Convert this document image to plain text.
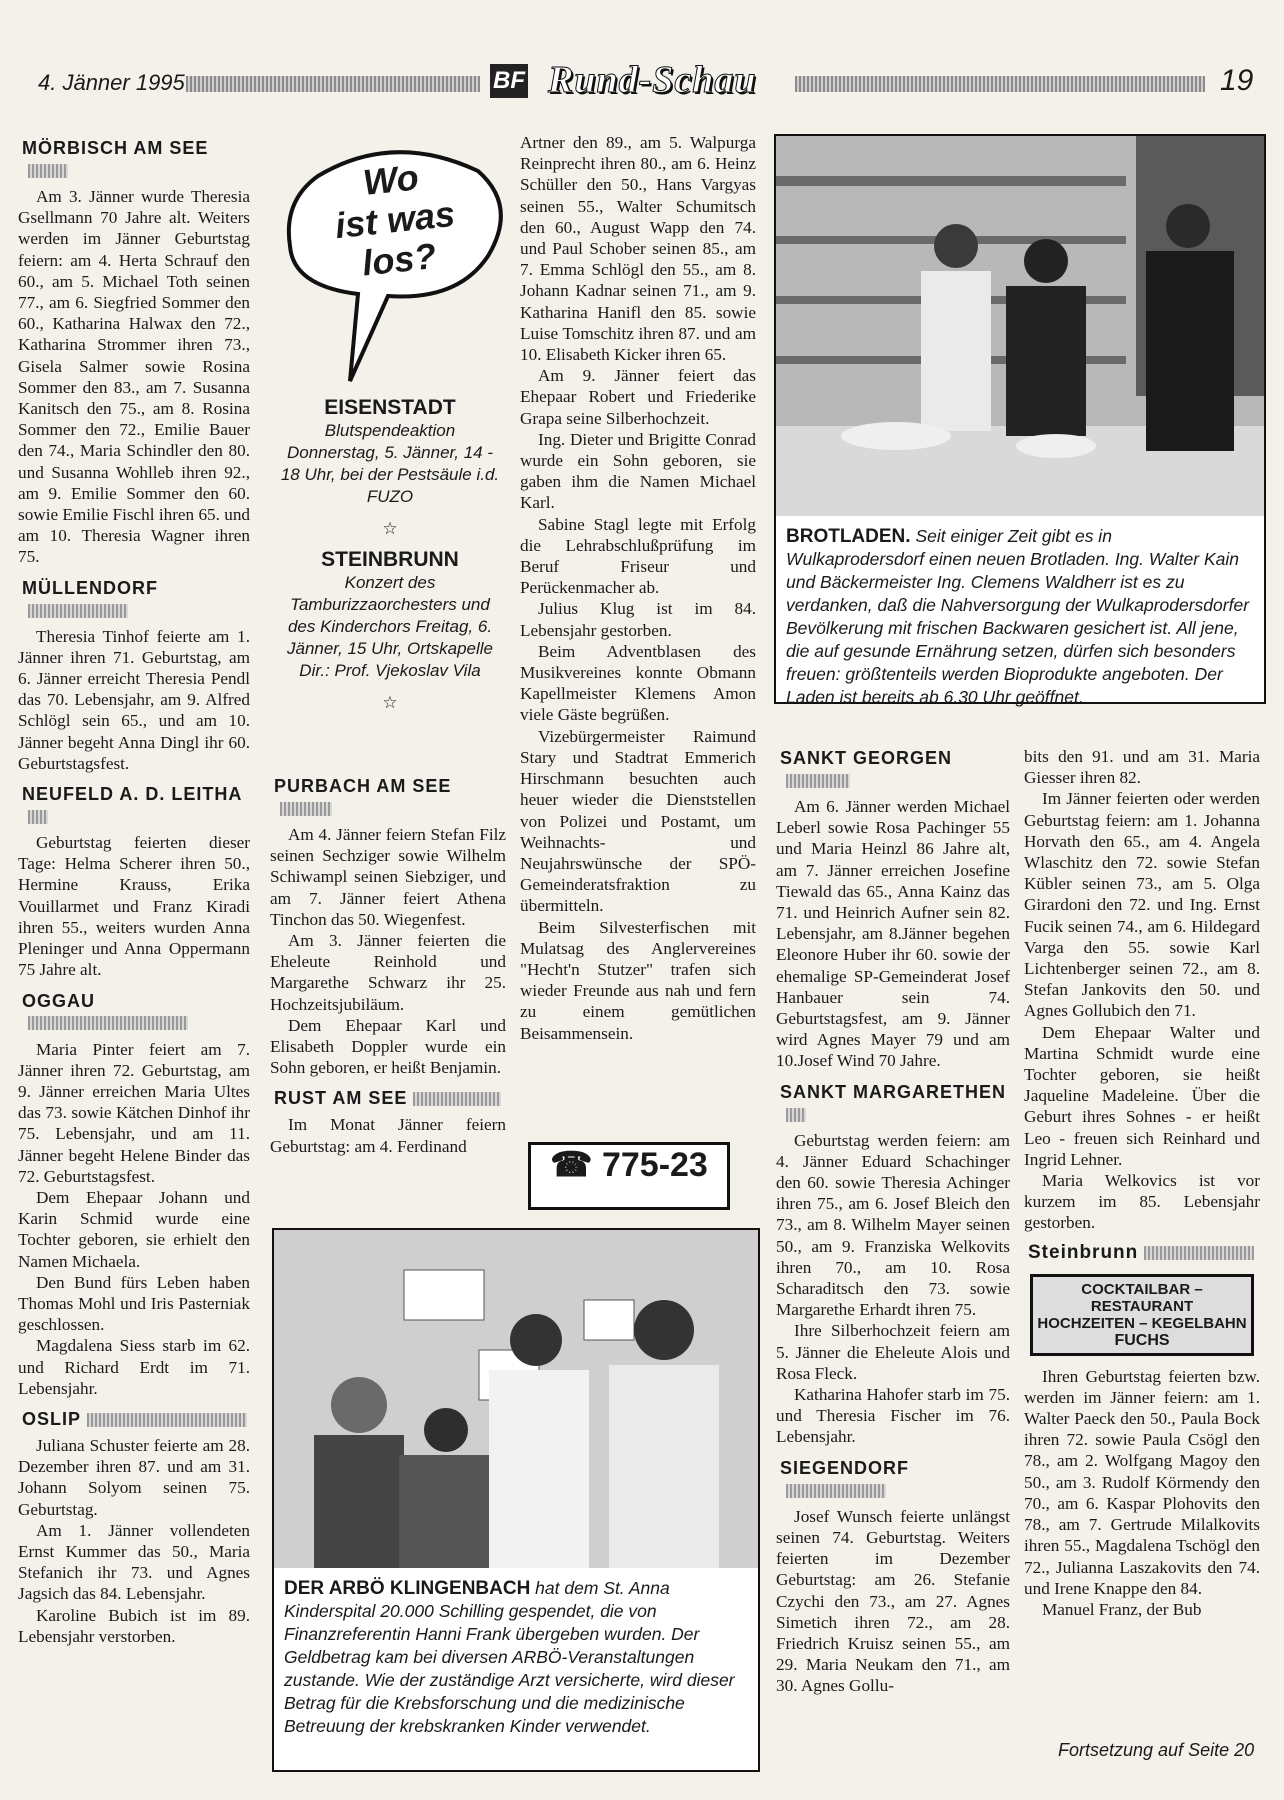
4. Jänner 1995	BF Rund-Schau	19
MÖRBISCH AM SEE

Am 3. Jänner wurde Theresia Gsellmann 70 Jahre alt. Weiters werden im Jänner Geburtstag feiern: am 4. Herta Schrauf den 60., am 5. Michael Toth seinen 77., am 6. Siegfried Sommer den 60., Katharina Halwax den 72., Katharina Strommer ihren 73., Gisela Salmer sowie Rosina Sommer den 83., am 7. Susanna Kanitsch den 75., am 8. Rosina Sommer den 72., Emilie Bauer den 74., Maria Schindler den 80. und Susanna Wohlleb ihren 92., am 9. Emilie Sommer den 60. sowie Emilie Fischl ihren 65. und am 10. Theresia Wagner ihren 75.

MÜLLENDORF

Theresia Tinhof feierte am 1. Jänner ihren 71. Geburtstag, am 6. Jänner erreicht Theresia Pendl das 70. Lebensjahr, am 9. Alfred Schlögl sein 65., und am 10. Jänner begeht Anna Dingl ihr 60. Geburtstagsfest.

NEUFELD A. D. LEITHA

Geburtstag feierten dieser Tage: Helma Scherer ihren 50., Hermine Krauss, Erika Vouillarmet und Franz Kiradi ihren 55., weiters wurden Anna Pleninger und Anna Oppermann 75 Jahre alt.

OGGAU

Maria Pinter feiert am 7. Jänner ihren 72. Geburtstag, am 9. Jänner erreichen Maria Ultes das 73. sowie Kätchen Dinhof ihr 75. Lebensjahr, und am 11. Jänner begeht Helene Binder das 72. Geburtstagsfest.

Dem Ehepaar Johann und Karin Schmid wurde eine Tochter geboren, sie erhielt den Namen Michaela.

Den Bund fürs Leben haben Thomas Mohl und Iris Pasterniak geschlossen.

Magdalena Siess starb im 62. und Richard Erdt im 71. Lebensjahr.

OSLIP

Juliana Schuster feierte am 28. Dezember ihren 87. und am 31. Johann Solyom seinen 75. Geburtstag.

Am 1. Jänner vollendeten Ernst Kummer das 50., Maria Stefanich ihr 73. und Agnes Jagsich das 84. Lebensjahr.

Karoline Bubich ist im 89. Lebensjahr verstorben.

Wo
ist was
los?
EISENSTADT
Blutspendeaktion Donnerstag, 5. Jänner, 14 - 18 Uhr, bei der Pestsäule i.d. FUZO
☆
STEINBRUNN
Konzert des Tamburizzaorchesters und des Kinderchors Freitag, 6. Jänner, 15 Uhr, Ortskapelle Dir.: Prof. Vjekoslav Vila
☆
PURBACH AM SEE

Am 4. Jänner feiern Stefan Filz seinen Sechziger sowie Wilhelm Schiwampl seinen Siebziger, und am 7. Jänner feiert Athena Tinchon das 50. Wiegenfest.

Am 3. Jänner feierten die Eheleute Reinhold und Margarethe Schwarz ihr 25. Hochzeitsjubiläum.

Dem Ehepaar Karl und Elisabeth Doppler wurde ein Sohn geboren, er heißt Benjamin.

RUST AM SEE

Im Monat Jänner feiern Geburtstag: am 4. Ferdinand

Artner den 89., am 5. Walpurga Reinprecht ihren 80., am 6. Heinz Schüller den 50., Hans Vargyas seinen 55., Walter Schumitsch den 60., August Wapp den 74. und Paul Schober seinen 85., am 7. Emma Schlögl den 55., am 8. Johann Kadnar seinen 71., am 9. Katharina Hanifl den 85. sowie Luise Tomschitz ihren 87. und am 10. Elisabeth Kicker ihren 65.

Am 9. Jänner feiert das Ehepaar Robert und Friederike Grapa seine Silberhochzeit.

Ing. Dieter und Brigitte Conrad wurde ein Sohn geboren, sie gaben ihm die Namen Michael Karl.

Sabine Stagl legte mit Erfolg die Lehrabschlußprüfung im Beruf Friseur und Perückenmacher ab.

Julius Klug ist im 84. Lebensjahr gestorben.

Beim Adventblasen des Musikvereines konnte Obmann Kapellmeister Klemens Amon viele Gäste begrüßen.

Vizebürgermeister Raimund Stary und Stadtrat Emmerich Hirschmann besuchten auch heuer wieder die Dienststellen von Polizei und Postamt, um Weihnachts- und Neujahrswünsche der SPÖ-Gemeinderatsfraktion zu übermitteln.

Beim Silvesterfischen mit Mulatsag des Anglervereines "Hecht'n Stutzer" trafen sich wieder Freunde aus nah und fern zu einem gemütlichen Beisammensein.

☎ 775-23
BROTLADEN. Seit einiger Zeit gibt es in Wulkaprodersdorf einen neuen Brotladen. Ing. Walter Kain und Bäckermeister Ing. Clemens Waldherr ist es zu verdanken, daß die Nahversorgung der Wulkaprodersdorfer Bevölkerung mit frischen Backwaren gesichert ist. All jene, die auf gesunde Ernährung setzen, dürfen sich besonders freuen: größtenteils werden Bioprodukte angeboten. Der Laden ist bereits ab 6.30 Uhr geöffnet.
DER ARBÖ KLINGENBACH hat dem St. Anna Kinderspital 20.000 Schilling gespendet, die von Finanzreferentin Hanni Frank übergeben wurden. Der Geldbetrag kam bei diversen ARBÖ-Veranstaltungen zustande. Wie der zuständige Arzt versicherte, wird dieser Betrag für die Krebsforschung und die medizinische Betreuung der krebskranken Kinder verwendet.
SANKT GEORGEN

Am 6. Jänner werden Michael Leberl sowie Rosa Pachinger 55 und Maria Heinzl 86 Jahre alt, am 7. Jänner erreichen Josefine Tiewald das 65., Anna Kainz das 71. und Heinrich Aufner sein 82. Lebensjahr, am 8.Jänner begehen Eleonore Huber ihr 60. sowie der ehemalige SP-Gemeinderat Josef Hanbauer sein 74. Geburtstagsfest, am 9. Jänner wird Agnes Mayer 79 und am 10.Josef Wind 70 Jahre.

SANKT MARGARETHEN

Geburtstag werden feiern: am 4. Jänner Eduard Schachinger den 60. sowie Theresia Achinger ihren 75., am 6. Josef Bleich den 73., am 8. Wilhelm Mayer seinen 50., am 9. Franziska Welkovits ihren 70., am 10. Rosa Scharaditsch den 73. sowie Margarethe Erhardt ihren 75.

Ihre Silberhochzeit feiern am 5. Jänner die Eheleute Alois und Rosa Fleck.

Katharina Hahofer starb im 75. und Theresia Fischer im 76. Lebensjahr.

SIEGENDORF

Josef Wunsch feierte unlängst seinen 74. Geburtstag. Weiters feierten im Dezember Geburtstag: am 26. Stefanie Czychi den 73., am 27. Agnes Simetich ihren 72., am 28. Friedrich Kruisz seinen 55., am 29. Maria Neukam den 71., am 30. Agnes Gollu-

bits den 91. und am 31. Maria Giesser ihren 82.

Im Jänner feierten oder werden Geburtstag feiern: am 1. Johanna Horvath den 65., am 4. Angela Wlaschitz den 72. sowie Stefan Kübler seinen 73., am 5. Olga Girardoni den 72. und Ing. Ernst Fucik seinen 74., am 6. Hildegard Varga den 55. sowie Karl Lichtenberger seinen 72., am 8. Stefan Jankovits den 50. und Agnes Gollubich den 71.

Dem Ehepaar Walter und Martina Schmidt wurde eine Tochter geboren, sie heißt Jaqueline Madeleine. Über die Geburt ihres Sohnes - er heißt Leo - freuen sich Reinhard und Ingrid Lehner.

Maria Welkovics ist vor kurzem im 85. Lebensjahr gestorben.

Steinbrunn
COCKTAILBAR – RESTAURANT
HOCHZEITEN – KEGELBAHN
FUCHS

Ihren Geburtstag feierten bzw. werden im Jänner feiern: am 1. Walter Paeck den 50., Paula Bock ihren 72. sowie Paula Csögl den 78., am 2. Wolfgang Magoy den 50., am 3. Rudolf Körmendy den 70., am 6. Kaspar Plohovits den 78., am 7. Gertrude Milalkovits ihren 55., Magdalena Tschögl den 72., Julianna Laszakovits den 74. und Irene Knappe den 84.

Manuel Franz, der Bub

Fortsetzung auf Seite 20
